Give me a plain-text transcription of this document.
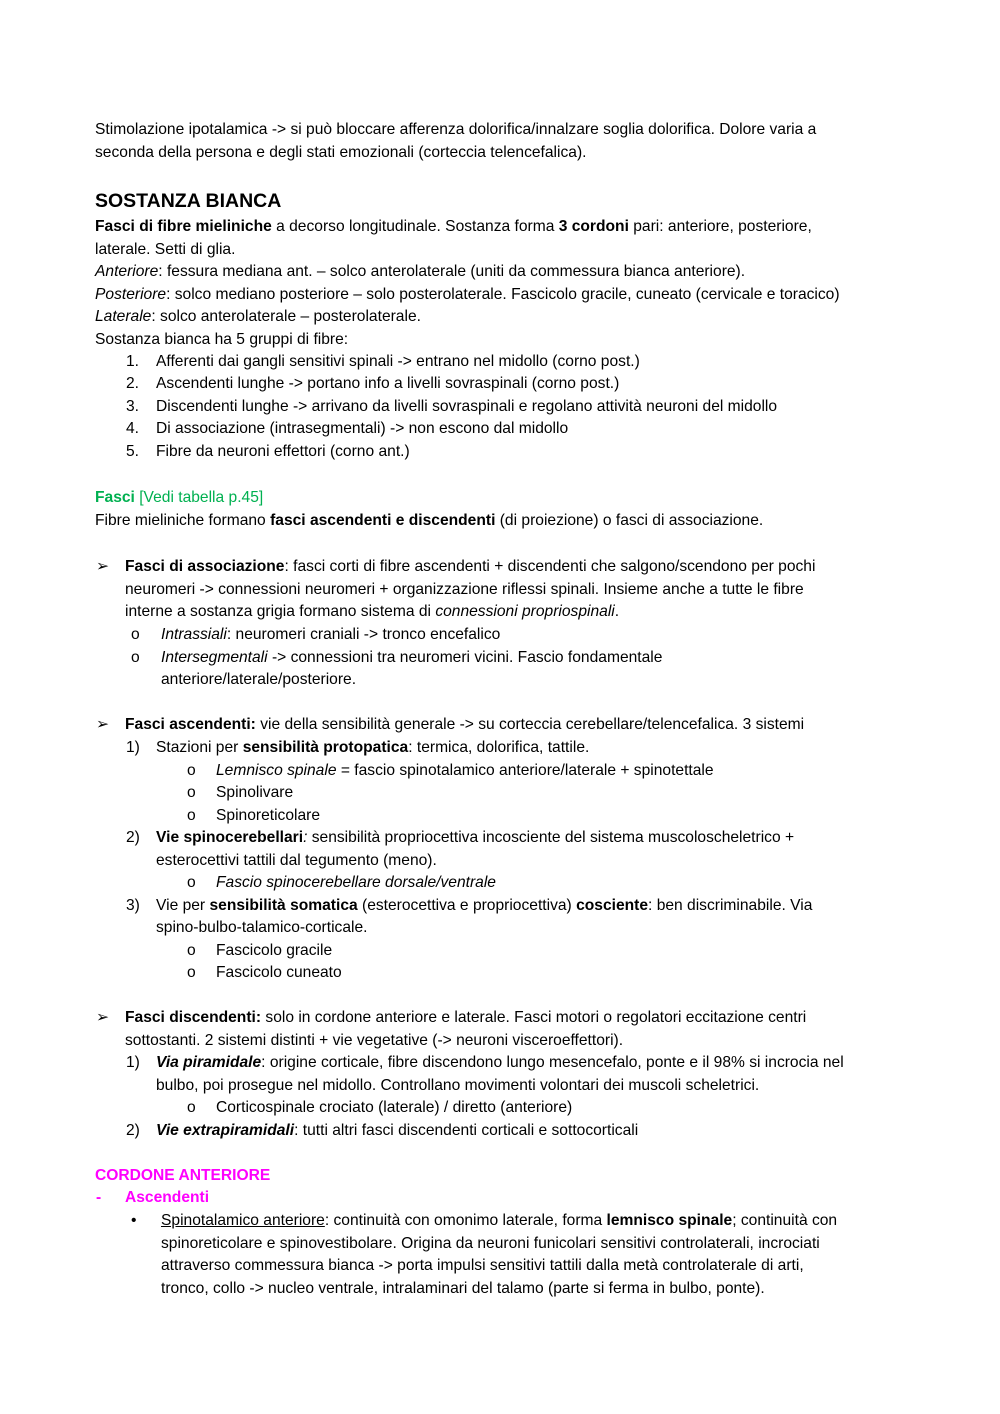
Stimolazione ipotalamica -> si può bloccare afferenza dolorifica/innalzare soglia dolorifica. Dolore varia a
seconda della persona e degli stati emozionali (corteccia telencefalica).
SOSTANZA BIANCA
Fasci di fibre mieliniche a decorso longitudinale. Sostanza forma 3 cordoni pari: anteriore, posteriore,
laterale. Setti di glia.
Anteriore: fessura mediana ant. – solco anterolaterale (uniti da commessura bianca anteriore).
Posteriore: solco mediano posteriore – solo posterolaterale. Fascicolo gracile, cuneato (cervicale e toracico)
Laterale: solco anterolaterale – posterolaterale.
Sostanza bianca ha 5 gruppi di fibre:
1. Afferenti dai gangli sensitivi spinali -> entrano nel midollo (corno post.)
2. Ascendenti lunghe -> portano info a livelli sovraspinali (corno post.)
3. Discendenti lunghe -> arrivano da livelli sovraspinali e regolano attività neuroni del midollo
4. Di associazione (intrasegmentali) -> non escono dal midollo
5. Fibre da neuroni effettori (corno ant.)
Fasci [Vedi tabella p.45]
Fibre mieliniche formano fasci ascendenti e discendenti (di proiezione) o fasci di associazione.
➢ Fasci di associazione: fasci corti di fibre ascendenti + discendenti che salgono/scendono per pochi
neuromeri -> connessioni neuromeri + organizzazione riflessi spinali. Insieme anche a tutte le fibre
interne a sostanza grigia formano sistema di connessioni propriospinali.
o Intrassiali: neuromeri craniali -> tronco encefalico
o Intersegmentali -> connessioni tra neuromeri vicini. Fascio fondamentale
anteriore/laterale/posteriore.
➢ Fasci ascendenti: vie della sensibilità generale -> su corteccia cerebellare/telencefalica. 3 sistemi
1) Stazioni per sensibilità protopatica: termica, dolorifica, tattile.
o Lemnisco spinale = fascio spinotalamico anteriore/laterale + spinotettale
o Spinolivare
o Spinoreticolare
2) Vie spinocerebellari: sensibilità propriocettiva incosciente del sistema muscoloscheletrico +
esterocettivi tattili dal tegumento (meno).
o Fascio spinocerebellare dorsale/ventrale
3) Vie per sensibilità somatica (esterocettiva e propriocettiva) cosciente: ben discriminabile. Via
spino-bulbo-talamico-corticale.
o Fascicolo gracile
o Fascicolo cuneato
➢ Fasci discendenti: solo in cordone anteriore e laterale. Fasci motori o regolatori eccitazione centri
sottostanti. 2 sistemi distinti + vie vegetative (-> neuroni visceroeffettori).
1) Via piramidale: origine corticale, fibre discendono lungo mesencefalo, ponte e il 98% si incrocia nel
bulbo, poi prosegue nel midollo. Controllano movimenti volontari dei muscoli scheletrici.
o Corticospinale crociato (laterale) / diretto (anteriore)
2) Vie extrapiramidali: tutti altri fasci discendenti corticali e sottocorticali
CORDONE ANTERIORE
- Ascendenti
• Spinotalamico anteriore: continuità con omonimo laterale, forma lemnisco spinale; continuità con
spinoreticolare e spinovestibolare. Origina da neuroni funicolari sensitivi controlaterali, incrociati
attraverso commessura bianca -> porta impulsi sensitivi tattili dalla metà controlaterale di arti,
tronco, collo -> nucleo ventrale, intralaminari del talamo (parte si ferma in bulbo, ponte).
